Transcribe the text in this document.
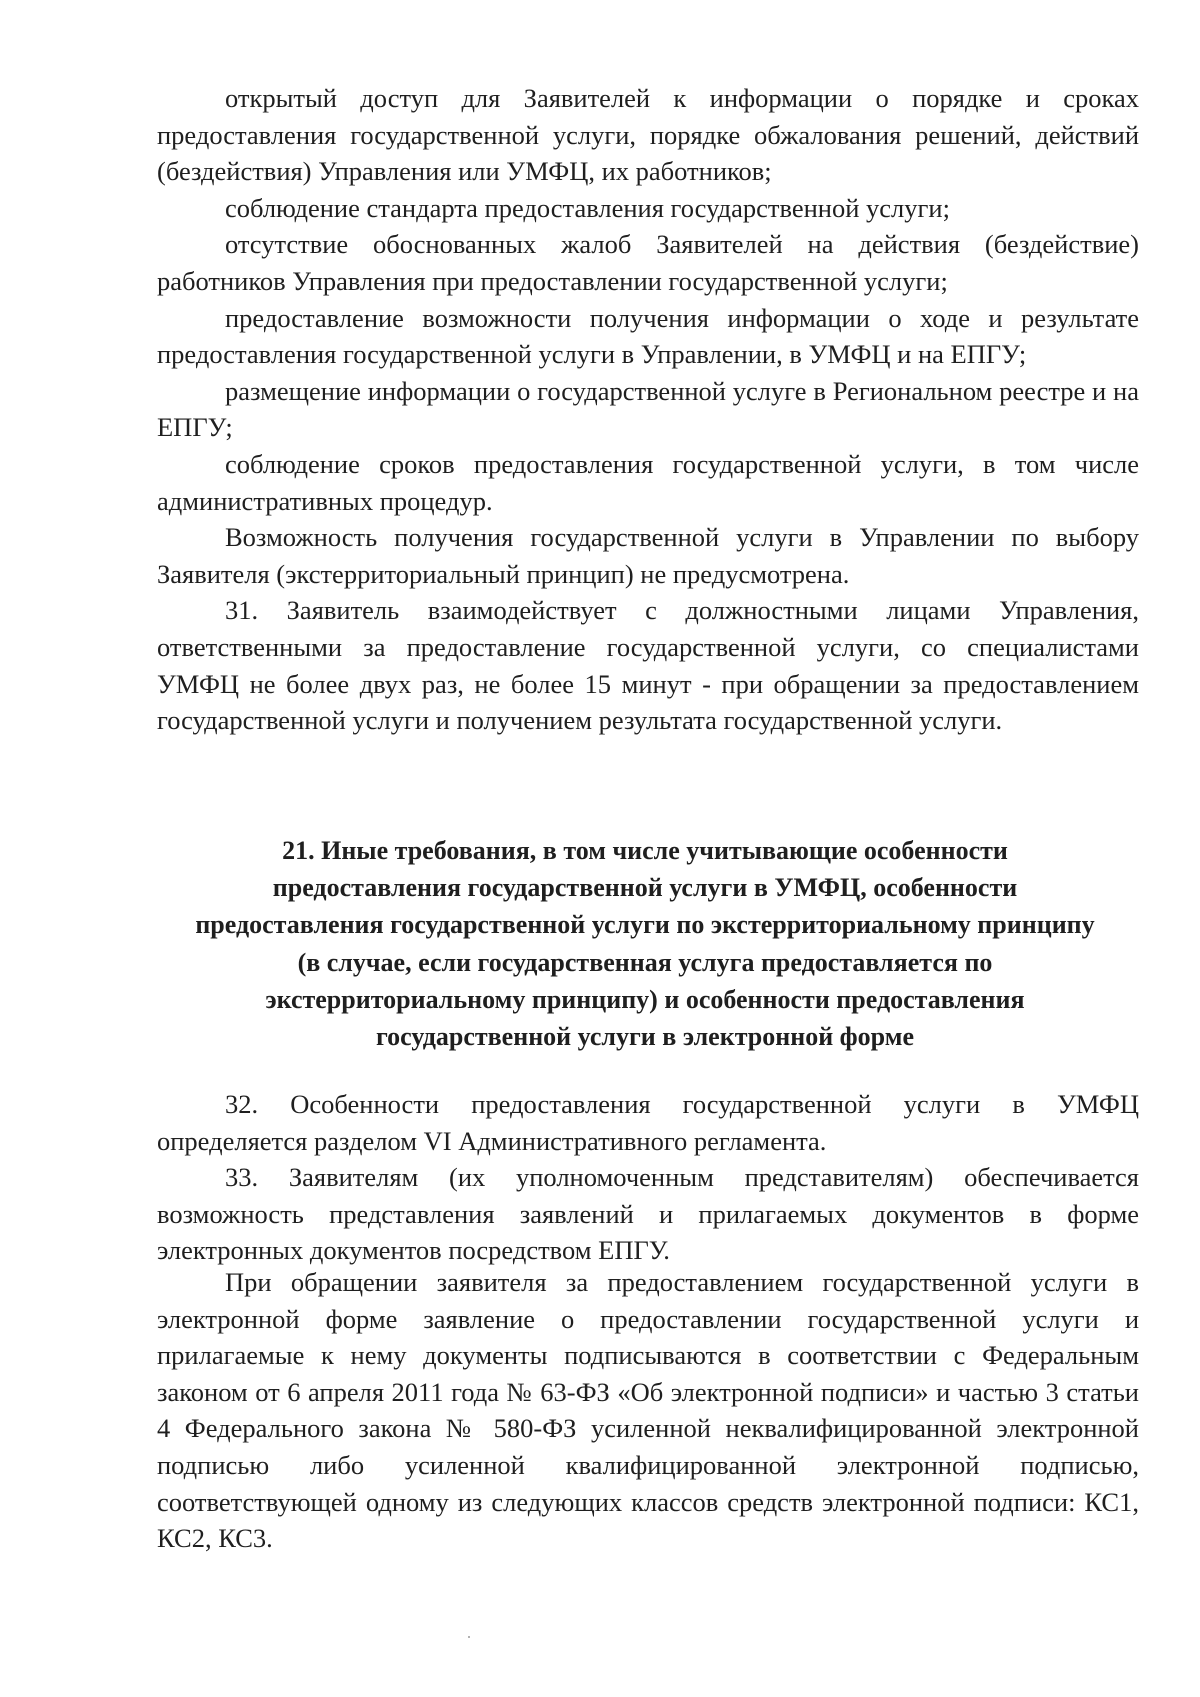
открытый доступ для Заявителей к информации о порядке и сроках предоставления государственной услуги, порядке обжалования решений, действий (бездействия) Управления или УМФЦ, их работников;

соблюдение стандарта предоставления государственной услуги;

отсутствие обоснованных жалоб Заявителей на действия (бездействие) работников Управления при предоставлении государственной услуги;

предоставление возможности получения информации о ходе и результате предоставления государственной услуги в Управлении, в УМФЦ и на ЕПГУ;

размещение информации о государственной услуге в Региональном реестре и на ЕПГУ;

соблюдение сроков предоставления государственной услуги, в том числе административных процедур.

Возможность получения государственной услуги в Управлении по выбору Заявителя (экстерриториальный принцип) не предусмотрена.

31. Заявитель взаимодействует с должностными лицами Управления, ответственными за предоставление государственной услуги, со специалистами УМФЦ не более двух раз, не более 15 минут - при обращении за предоставлением государственной услуги и получением результата государственной услуги.

21. Иные требования, в том числе учитывающие особенности
предоставления государственной услуги в УМФЦ, особенности
предоставления государственной услуги по экстерриториальному принципу
(в случае, если государственная услуга предоставляется по
экстерриториальному принципу) и особенности предоставления
государственной услуги в электронной форме

32. Особенности предоставления государственной услуги в УМФЦ определяется разделом VI Административного регламента.

33. Заявителям (их уполномоченным представителям) обеспечивается возможность представления заявлений и прилагаемых документов в форме электронных документов посредством ЕПГУ.

При обращении заявителя за предоставлением государственной услуги в электронной форме заявление о предоставлении государственной услуги и прилагаемые к нему документы подписываются в соответствии с Федеральным законом от 6 апреля 2011 года № 63-ФЗ «Об электронной подписи» и частью 3 статьи 4 Федерального закона № 580-ФЗ усиленной неквалифицированной электронной подписью либо усиленной квалифицированной электронной подписью, соответствующей одному из следующих классов средств электронной подписи: КС1, КС2, КС3.
